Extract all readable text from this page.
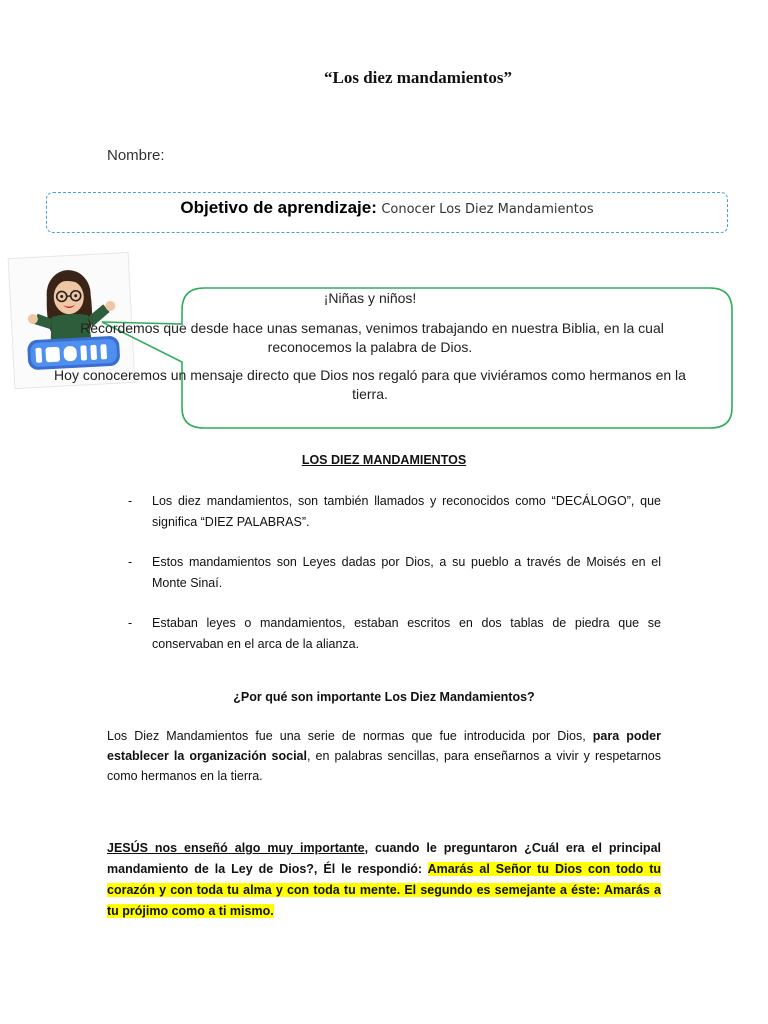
“Los diez mandamientos”
Nombre:
Objetivo de aprendizaje: Conocer Los Diez Mandamientos
¡Niñas y niños!
Recordemos que desde hace unas semanas, venimos trabajando en nuestra Biblia, en la cual
reconocemos la palabra de Dios.
Hoy conoceremos un mensaje directo que Dios nos regaló para que viviéramos como hermanos en la
tierra.
LOS DIEZ MANDAMIENTOS
- Los diez mandamientos, son también llamados y reconocidos como “DECÁLOGO”, que significa “DIEZ PALABRAS”.
- Estos mandamientos son Leyes dadas por Dios, a su pueblo a través de Moisés en el Monte Sinaí.
- Estaban leyes o mandamientos, estaban escritos en dos tablas de piedra que se conservaban en el arca de la alianza.
¿Por qué son importante Los Diez Mandamientos?
Los Diez Mandamientos fue una serie de normas que fue introducida por Dios, para poder establecer la organización social, en palabras sencillas, para enseñarnos a vivir y respetarnos como hermanos en la tierra.
JESÚS nos enseñó algo muy importante, cuando le preguntaron ¿Cuál era el principal mandamiento de la Ley de Dios?, Él le respondió: Amarás al Señor tu Dios con todo tu corazón y con toda tu alma y con toda tu mente. El segundo es semejante a éste: Amarás a tu prójimo como a ti mismo.
